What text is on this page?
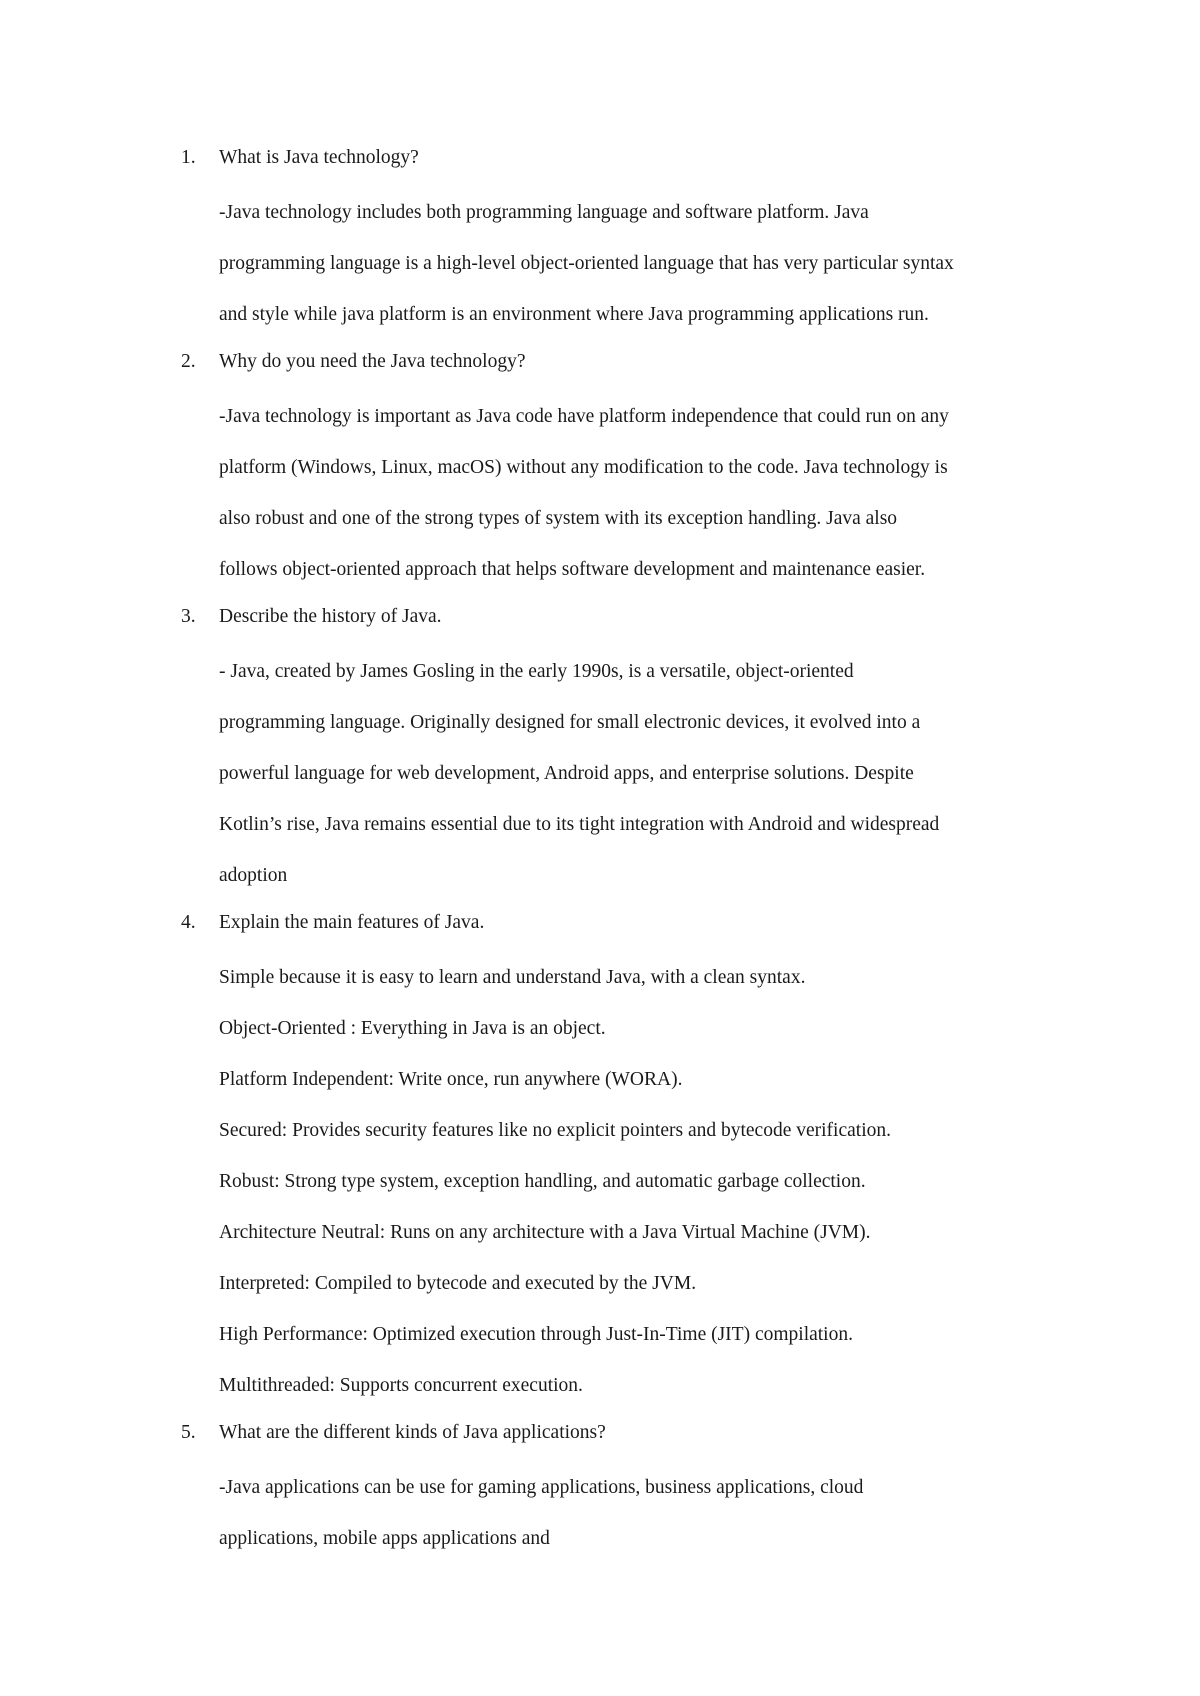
1. What is Java technology?
-Java technology includes both programming language and software platform. Java
programming language is a high-level object-oriented language that has very particular syntax
and style while java platform is an environment where Java programming applications run.
2. Why do you need the Java technology?
-Java technology is important as Java code have platform independence that could run on any
platform (Windows, Linux, macOS) without any modification to the code. Java technology is
also robust and one of the strong types of system with its exception handling. Java also
follows object-oriented approach that helps software development and maintenance easier.
3. Describe the history of Java.
- Java, created by James Gosling in the early 1990s, is a versatile, object-oriented
programming language. Originally designed for small electronic devices, it evolved into a
powerful language for web development, Android apps, and enterprise solutions. Despite
Kotlin’s rise, Java remains essential due to its tight integration with Android and widespread
adoption
4. Explain the main features of Java.
Simple because it is easy to learn and understand Java, with a clean syntax.
Object-Oriented : Everything in Java is an object.
Platform Independent: Write once, run anywhere (WORA).
Secured: Provides security features like no explicit pointers and bytecode verification.
Robust: Strong type system, exception handling, and automatic garbage collection.
Architecture Neutral: Runs on any architecture with a Java Virtual Machine (JVM).
Interpreted: Compiled to bytecode and executed by the JVM.
High Performance: Optimized execution through Just-In-Time (JIT) compilation.
Multithreaded: Supports concurrent execution.
5. What are the different kinds of Java applications?
-Java applications can be use for gaming applications, business applications, cloud
applications, mobile apps applications and
